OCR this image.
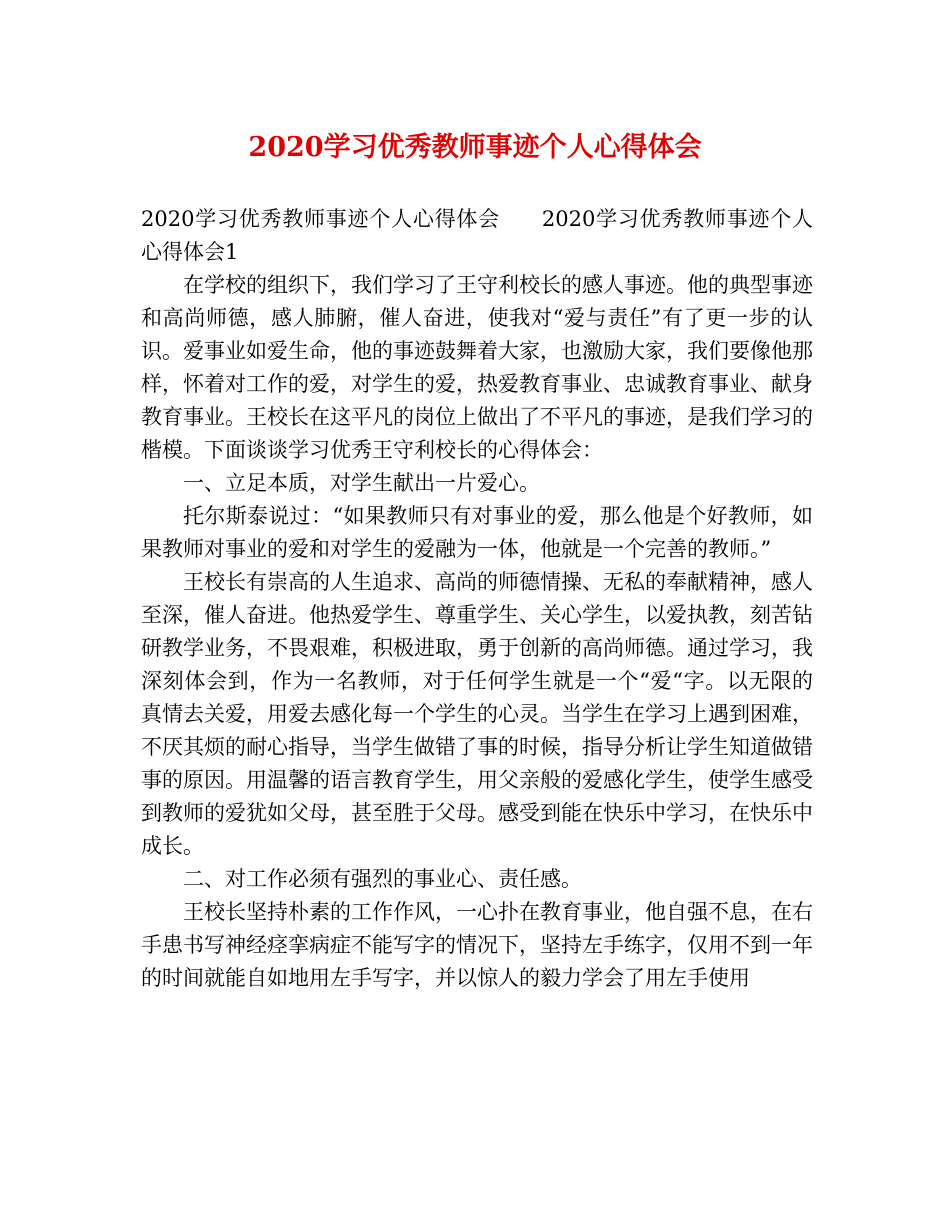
2020学习优秀教师事迹个人心得体会

2020学习优秀教师事迹个人心得体会 2020学习优秀教师事迹个人心得体会1

在学校的组织下，我们学习了王守利校长的感人事迹。他的典型事迹和高尚师德，感人肺腑，催人奋进，使我对“爱与责任”有了更一步的认识。爱事业如爱生命，他的事迹鼓舞着大家，也激励大家，我们要像他那样，怀着对工作的爱，对学生的爱，热爱教育事业、忠诚教育事业、献身教育事业。王校长在这平凡的岗位上做出了不平凡的事迹，是我们学习的楷模。下面谈谈学习优秀王守利校长的心得体会：

一、立足本质，对学生献出一片爱心。

托尔斯泰说过：“如果教师只有对事业的爱，那么他是个好教师，如果教师对事业的爱和对学生的爱融为一体，他就是一个完善的教师。”

王校长有崇高的人生追求、高尚的师德情操、无私的奉献精神，感人至深，催人奋进。他热爱学生、尊重学生、关心学生，以爱执教，刻苦钻研教学业务，不畏艰难，积极进取，勇于创新的高尚师德。通过学习，我深刻体会到，作为一名教师，对于任何学生就是一个“爱“字。以无限的真情去关爱，用爱去感化每一个学生的心灵。当学生在学习上遇到困难，不厌其烦的耐心指导，当学生做错了事的时候，指导分析让学生知道做错事的原因。用温馨的语言教育学生，用父亲般的爱感化学生，使学生感受到教师的爱犹如父母，甚至胜于父母。感受到能在快乐中学习，在快乐中成长。

二、对工作必须有强烈的事业心、责任感。

王校长坚持朴素的工作作风，一心扑在教育事业，他自强不息，在右手患书写神经痉挛病症不能写字的情况下，坚持左手练字，仅用不到一年的时间就能自如地用左手写字，并以惊人的毅力学会了用左手使用
